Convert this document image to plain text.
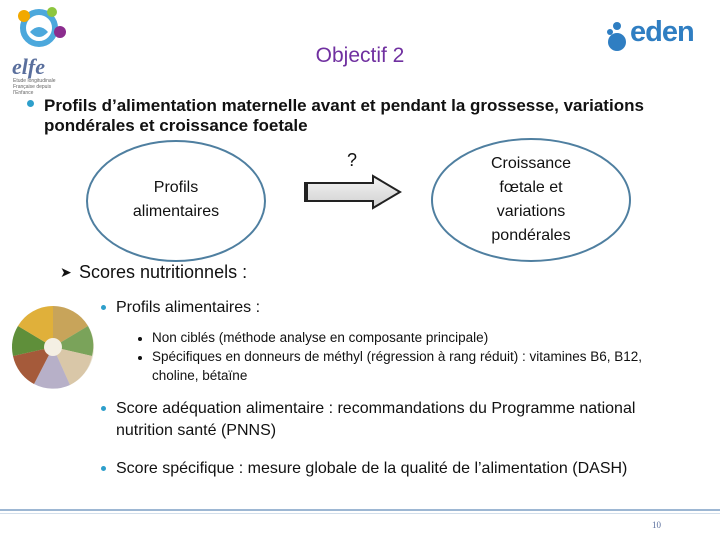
elfe
Etude longitudinale
Française depuis
l'Enfance
eden
Objectif 2
Profils d’alimentation maternelle avant et pendant la grossesse, variations pondérales et croissance foetale
Profils
alimentaires
?	Croissance
fœtale et
variations
pondérales
➤ Scores nutritionnels :
Profils alimentaires :
Non ciblés (méthode analyse en composante principale)
Spécifiques en donneurs de méthyl (régression à rang réduit) : vitamines B6, B12, choline, bétaïne
Score adéquation alimentaire : recommandations du Programme national nutrition santé (PNNS)
Score spécifique : mesure globale de la qualité de l’alimentation (DASH)
10
